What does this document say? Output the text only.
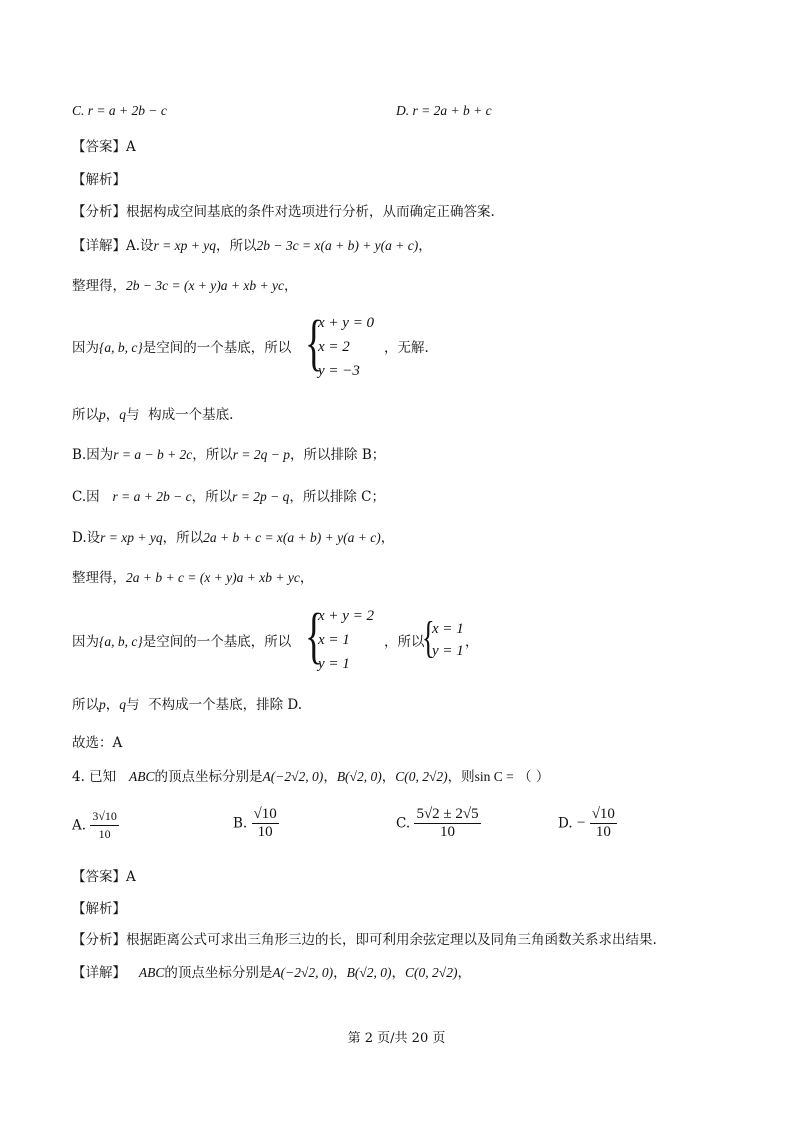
C. r = a + 2b − c	D. r = 2a + b + c
【答案】A
【解析】
【分析】根据构成空间基底的条件对选项进行分析，从而确定正确答案.
【详解】A.设r = xp + yq，所以2b − 3c = x(a + b) + y(a + c)，
整理得，2b − 3c = (x + y)a + xb + yc，
因为{a, b, c}是空间的一个基底，所以 {
x + y = 0
x = 2
y = −3
，无解.
所以p，q与 构成一个基底.
B.因为r = a − b + 2c，所以r = 2q − p，所以排除 B；
C.因 r = a + 2b − c，所以r = 2p − q，所以排除 C；
D.设r = xp + yq，所以2a + b + c = x(a + b) + y(a + c)，
整理得，2a + b + c = (x + y)a + xb + yc，
因为{a, b, c}是空间的一个基底，所以 {
x + y = 2
x = 1
y = 1
，所以
{
x = 1
y = 1
，
所以p，q与 不构成一个基底，排除 D.
故选：A
4. 已知 ABC的顶点坐标分别是A(−2√2, 0)，B(√2, 0)，C(0, 2√2)，则sin C = （ ）
A. $\frac{3√10}{10}$	B. $\frac{√10}{10}$	C. $\frac{5√2 \pm 2√5}{10}$	D. − $\frac{√10}{10}$
【答案】A
【解析】
【分析】根据距离公式可求出三角形三边的长，即可利用余弦定理以及同角三角函数关系求出结果.
【详解】 ABC的顶点坐标分别是A(−2√2, 0)，B(√2, 0)，C(0, 2√2)，
第 2 页/共 20 页
